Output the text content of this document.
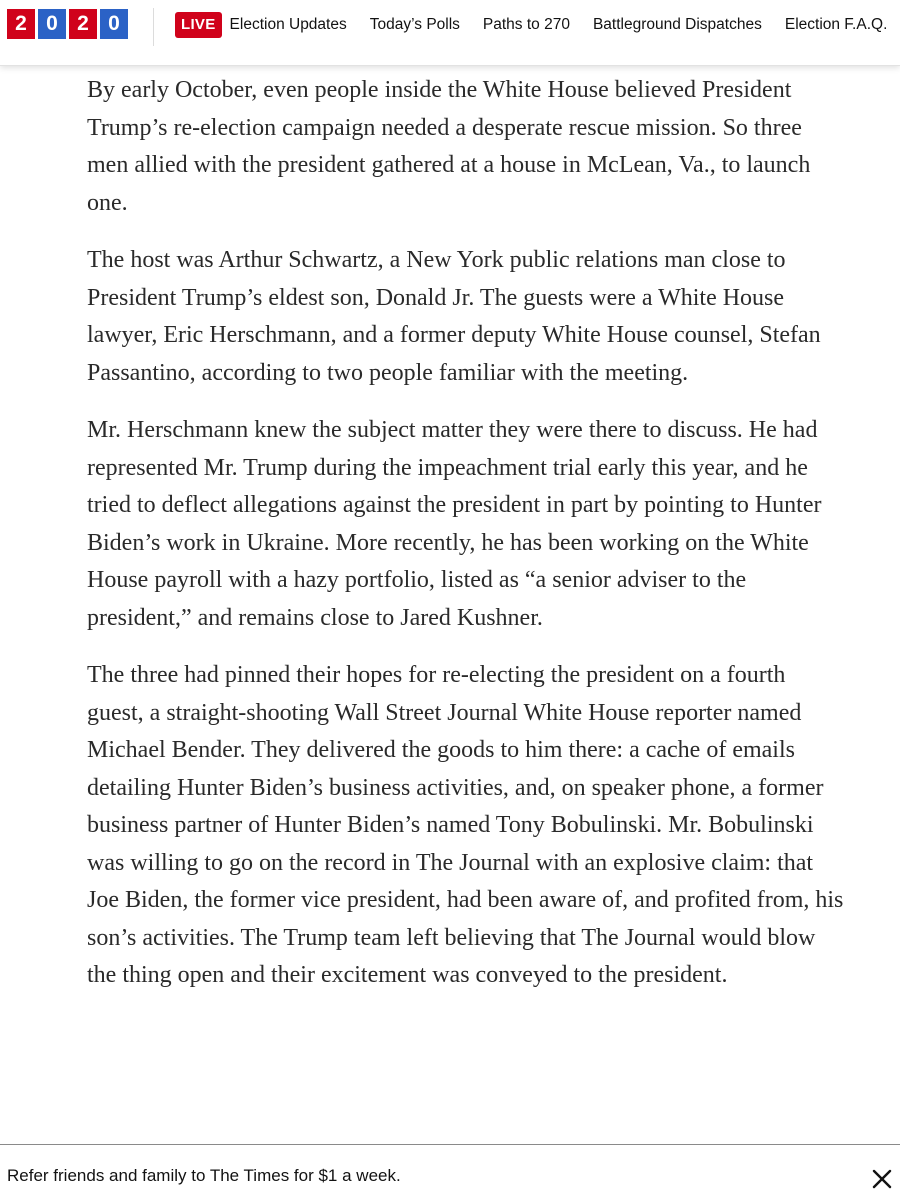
2 0 2 0	LIVE Election Updates Today’s Polls Paths to 270 Battleground Dispatches Election F.A.Q.

By early October, even people inside the White House believed President Trump’s re-election campaign needed a desperate rescue mission. So three men allied with the president gathered at a house in McLean, Va., to launch one.

The host was Arthur Schwartz, a New York public relations man close to President Trump’s eldest son, Donald Jr. The guests were a White House lawyer, Eric Herschmann, and a former deputy White House counsel, Stefan Passantino, according to two people familiar with the meeting.

Mr. Herschmann knew the subject matter they were there to discuss. He had represented Mr. Trump during the impeachment trial early this year, and he tried to deflect allegations against the president in part by pointing to Hunter Biden’s work in Ukraine. More recently, he has been working on the White House payroll with a hazy portfolio, listed as “a senior adviser to the president,” and remains close to Jared Kushner.

The three had pinned their hopes for re-electing the president on a fourth guest, a straight-shooting Wall Street Journal White House reporter named Michael Bender. They delivered the goods to him there: a cache of emails detailing Hunter Biden’s business activities, and, on speaker phone, a former business partner of Hunter Biden’s named Tony Bobulinski. Mr. Bobulinski was willing to go on the record in The Journal with an explosive claim: that Joe Biden, the former vice president, had been aware of, and profited from, his son’s activities. The Trump team left believing that The Journal would blow the thing open and their excitement was conveyed to the president.

Refer friends and family to The Times for $1 a week.
